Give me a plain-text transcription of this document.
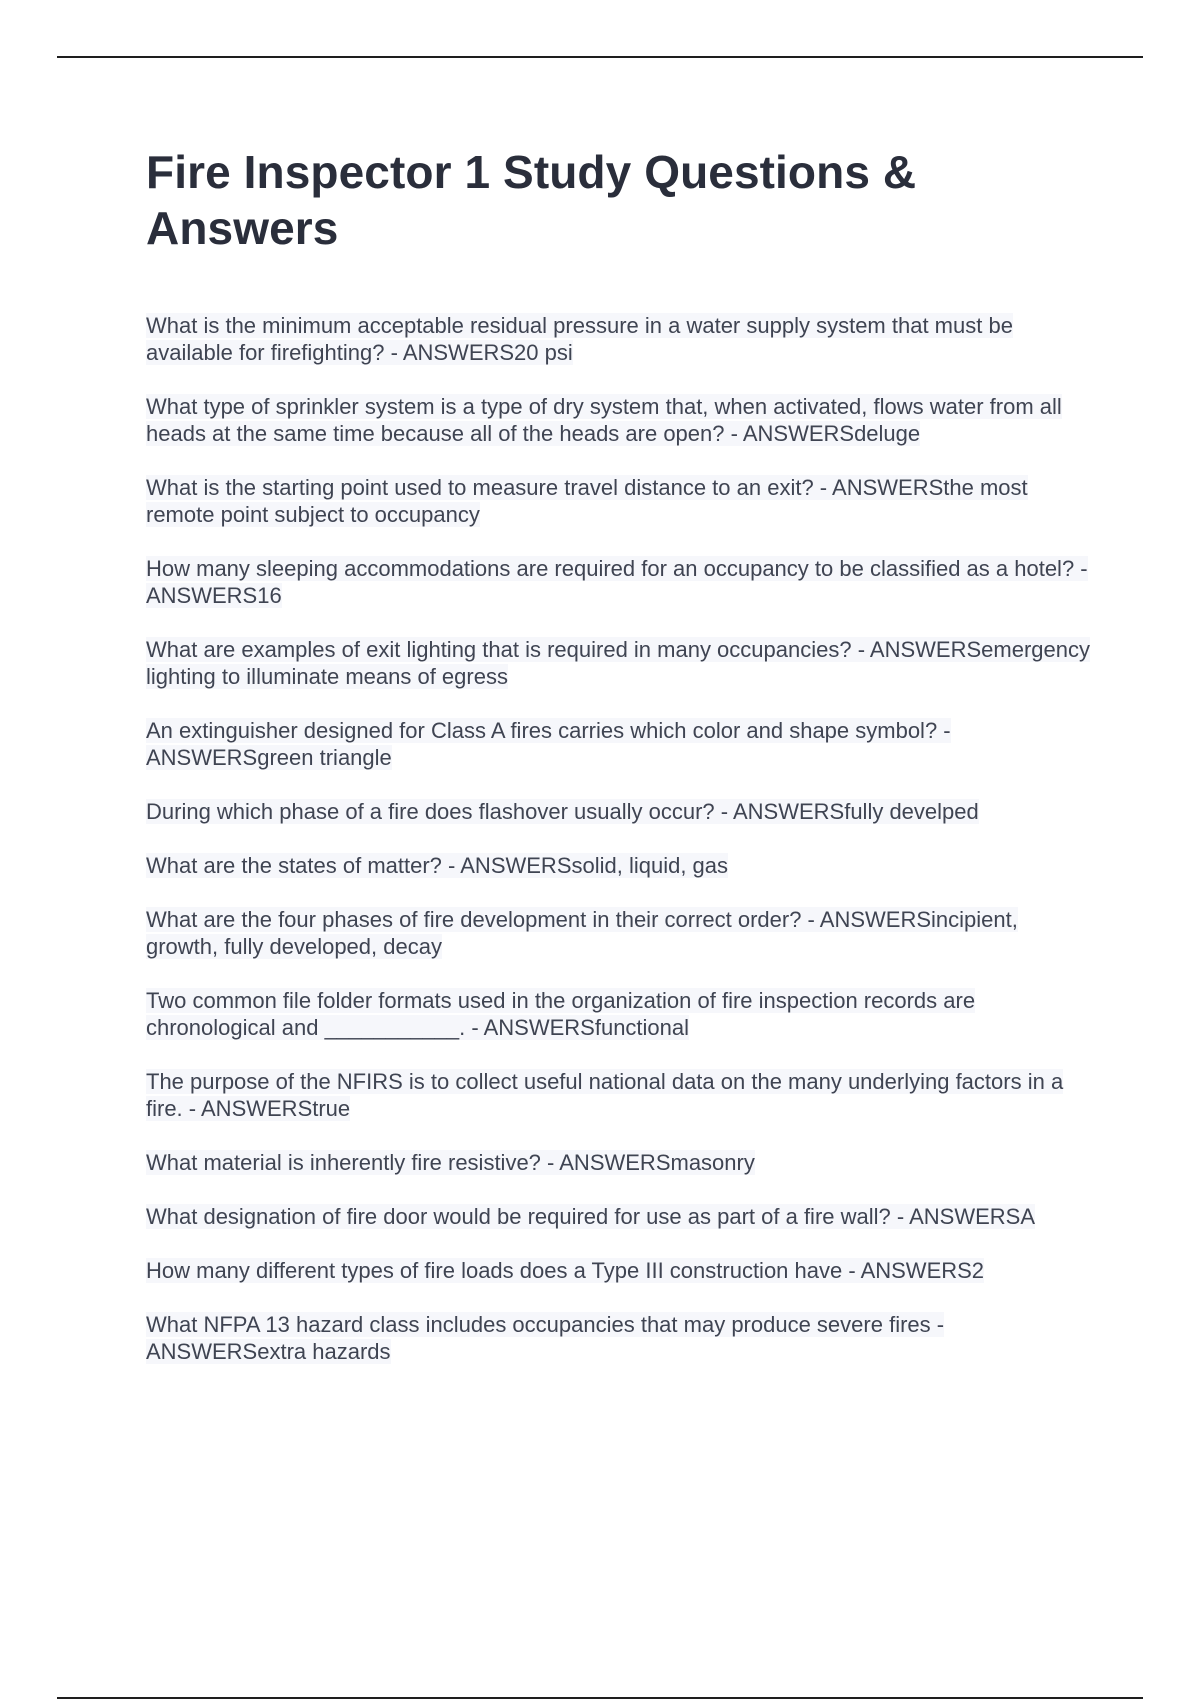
Fire Inspector 1 Study Questions & Answers

What is the minimum acceptable residual pressure in a water supply system that must be available for firefighting? - ANSWERS20 psi

What type of sprinkler system is a type of dry system that, when activated, flows water from all heads at the same time because all of the heads are open? - ANSWERSdeluge

What is the starting point used to measure travel distance to an exit? - ANSWERSthe most remote point subject to occupancy

How many sleeping accommodations are required for an occupancy to be classified as a hotel? - ANSWERS16

What are examples of exit lighting that is required in many occupancies? - ANSWERSemergency lighting to illuminate means of egress

An extinguisher designed for Class A fires carries which color and shape symbol? - ANSWERSgreen triangle

During which phase of a fire does flashover usually occur? - ANSWERSfully develped

What are the states of matter? - ANSWERSsolid, liquid, gas

What are the four phases of fire development in their correct order? - ANSWERSincipient, growth, fully developed, decay

Two common file folder formats used in the organization of fire inspection records are chronological and ___________. - ANSWERSfunctional

The purpose of the NFIRS is to collect useful national data on the many underlying factors in a fire. - ANSWERStrue

What material is inherently fire resistive? - ANSWERSmasonry

What designation of fire door would be required for use as part of a fire wall? - ANSWERSA

How many different types of fire loads does a Type III construction have - ANSWERS2

What NFPA 13 hazard class includes occupancies that may produce severe fires - ANSWERSextra hazards
